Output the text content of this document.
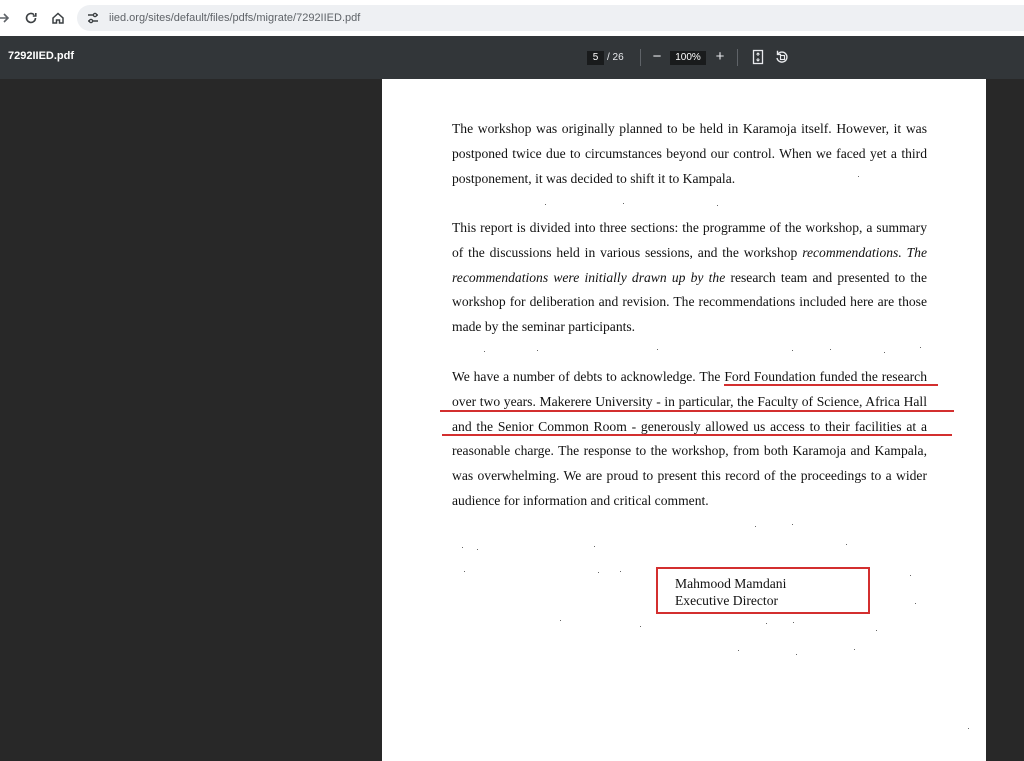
iied.org/sites/default/files/pdfs/migrate/7292IIED.pdf
7292IIED.pdf	5 / 26 −	100% +

The workshop was originally planned to be held in Karamoja itself. However, it was postponed twice due to circumstances beyond our control. When we faced yet a third postponement, it was decided to shift it to Kampala.

This report is divided into three sections: the programme of the workshop, a summary of the discussions held in various sessions, and the workshop recommendations. The recommendations were initially drawn up by the research team and presented to the workshop for deliberation and revision. The recommendations included here are those made by the seminar participants.

We have a number of debts to acknowledge. The Ford Foundation funded the research over two years. Makerere University - in particular, the Faculty of Science, Africa Hall and the Senior Common Room - generously allowed us access to their facilities at a reasonable charge. The response to the workshop, from both Karamoja and Kampala, was overwhelming. We are proud to present this record of the proceedings to a wider audience for information and critical comment.

Mahmood Mamdani
Executive Director
